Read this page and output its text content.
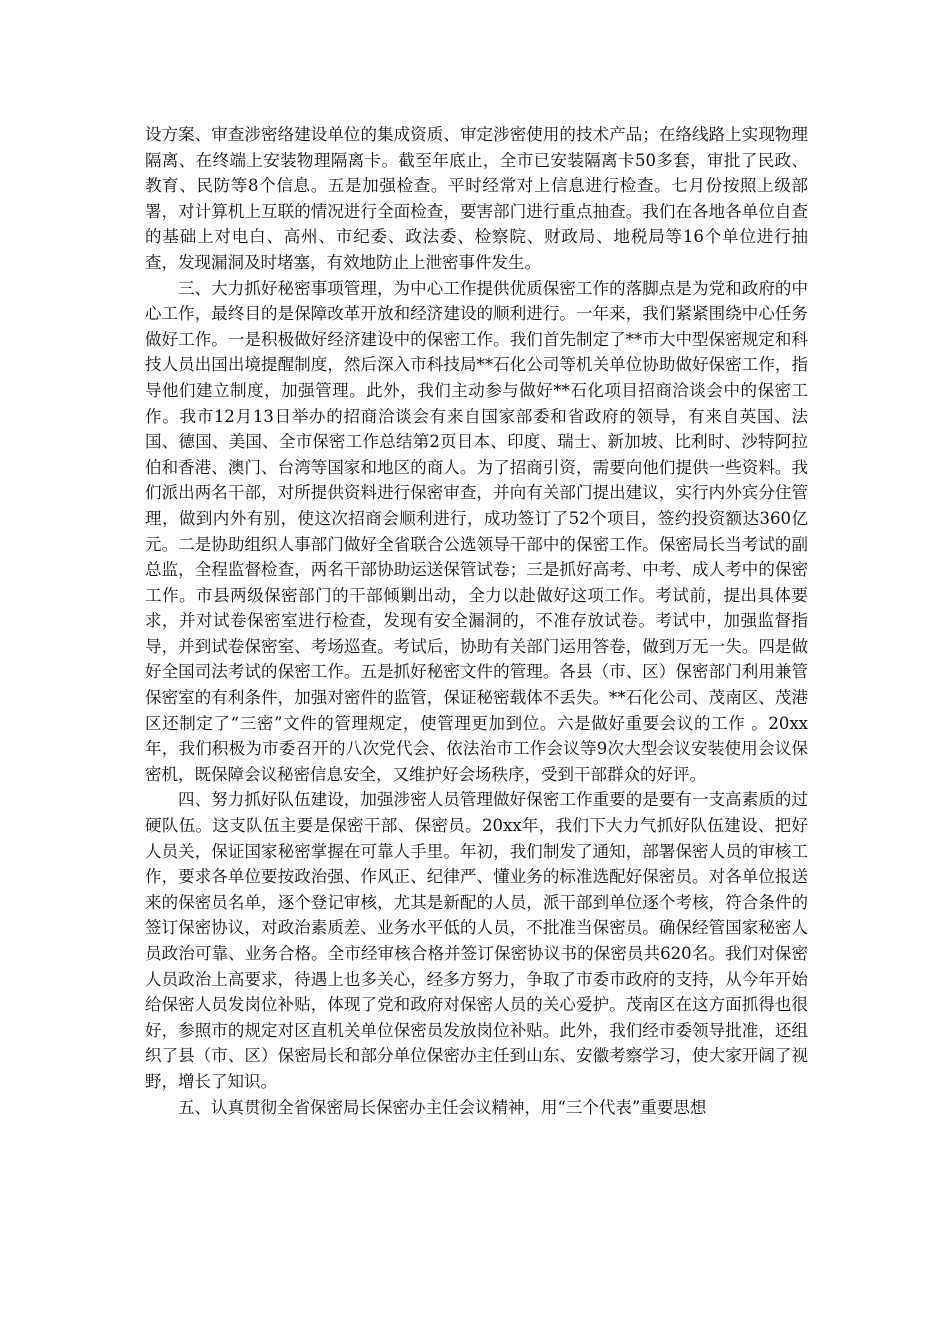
设方案、审查涉密络建设单位的集成资质、审定涉密使用的技术产品；在络线路上实现物理隔离、在终端上安装物理隔离卡。截至年底止，全市已安装隔离卡50多套，审批了民政、教育、民防等8个信息。五是加强检查。平时经常对上信息进行检查。七月份按照上级部署，对计算机上互联的情况进行全面检查，要害部门进行重点抽查。我们在各地各单位自查的基础上对电白、高州、市纪委、政法委、检察院、财政局、地税局等16个单位进行抽查，发现漏洞及时堵塞，有效地防止上泄密事件发生。

三、大力抓好秘密事项管理，为中心工作提供优质保密工作的落脚点是为党和政府的中心工作，最终目的是保障改革开放和经济建设的顺利进行。一年来，我们紧紧围绕中心任务做好工作。一是积极做好经济建设中的保密工作。我们首先制定了**市大中型保密规定和科技人员出国出境提醒制度，然后深入市科技局**石化公司等机关单位协助做好保密工作，指导他们建立制度，加强管理。此外，我们主动参与做好**石化项目招商洽谈会中的保密工作。我市12月13日举办的招商洽谈会有来自国家部委和省政府的领导，有来自英国、法国、德国、美国、全市保密工作总结第2页日本、印度、瑞士、新加坡、比利时、沙特阿拉伯和香港、澳门、台湾等国家和地区的商人。为了招商引资，需要向他们提供一些资料。我们派出两名干部，对所提供资料进行保密审查，并向有关部门提出建议，实行内外宾分住管理，做到内外有别，使这次招商会顺利进行，成功签订了52个项目，签约投资额达360亿元。二是协助组织人事部门做好全省联合公选领导干部中的保密工作。保密局长当考试的副总监，全程监督检查，两名干部协助运送保管试卷；三是抓好高考、中考、成人考中的保密工作。市县两级保密部门的干部倾剿出动，全力以赴做好这项工作。考试前，提出具体要求，并对试卷保密室进行检查，发现有安全漏洞的，不准存放试卷。考试中，加强监督指导，并到试卷保密室、考场巡查。考试后，协助有关部门运用答卷，做到万无一失。四是做好全国司法考试的保密工作。五是抓好秘密文件的管理。各县（市、区）保密部门利用兼管保密室的有利条件，加强对密件的监管，保证秘密载体不丢失。**石化公司、茂南区、茂港区还制定了“三密”文件的管理规定，使管理更加到位。六是做好重要会议的工作 。20xx年，我们积极为市委召开的八次党代会、依法治市工作会议等9次大型会议安装使用会议保密机，既保障会议秘密信息安全，又维护好会场秩序，受到干部群众的好评。

四、努力抓好队伍建设，加强涉密人员管理做好保密工作重要的是要有一支高素质的过硬队伍。这支队伍主要是保密干部、保密员。20xx年，我们下大力气抓好队伍建设、把好人员关，保证国家秘密掌握在可靠人手里。年初，我们制发了通知，部署保密人员的审核工作，要求各单位要按政治强、作风正、纪律严、懂业务的标准选配好保密员。对各单位报送来的保密员名单，逐个登记审核，尤其是新配的人员，派干部到单位逐个考核，符合条件的签订保密协议，对政治素质差、业务水平低的人员，不批准当保密员。确保经管国家秘密人员政治可靠、业务合格。全市经审核合格并签订保密协议书的保密员共620名。我们对保密人员政治上高要求，待遇上也多关心，经多方努力，争取了市委市政府的支持，从今年开始给保密人员发岗位补贴，体现了党和政府对保密人员的关心爱护。茂南区在这方面抓得也很好，参照市的规定对区直机关单位保密员发放岗位补贴。此外，我们经市委领导批准，还组织了县（市、区）保密局长和部分单位保密办主任到山东、安徽考察学习，使大家开阔了视野，增长了知识。

五、认真贯彻全省保密局长保密办主任会议精神，用“三个代表”重要思想
